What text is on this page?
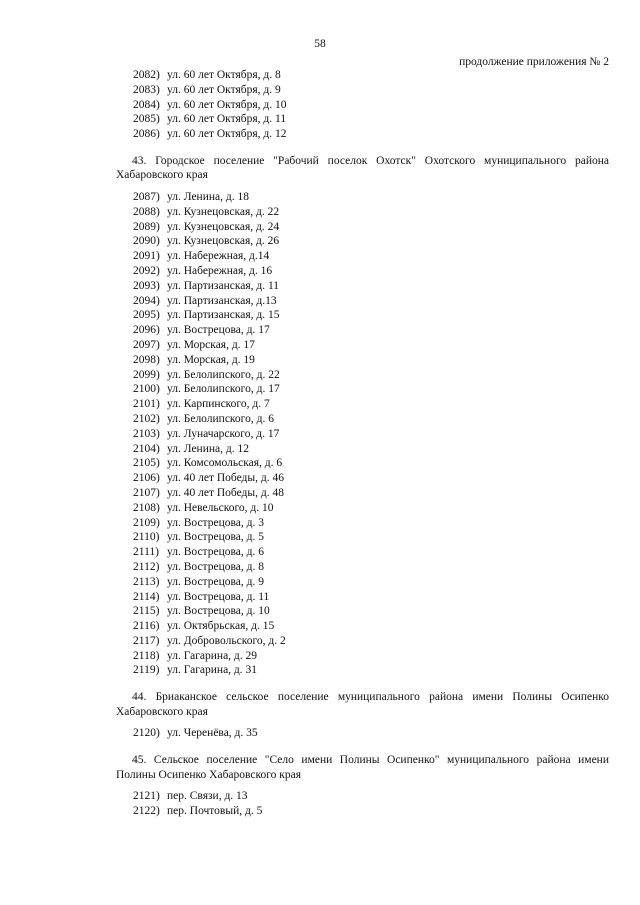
58
продолжение приложения № 2
2082) ул. 60 лет Октября, д. 8
2083) ул. 60 лет Октября, д. 9
2084) ул. 60 лет Октября, д. 10
2085) ул. 60 лет Октября, д. 11
2086) ул. 60 лет Октября, д. 12
43. Городское поселение "Рабочий поселок Охотск" Охотского муниципального района Хабаровского края
2087) ул. Ленина, д. 18
2088) ул. Кузнецовская, д. 22
2089) ул. Кузнецовская, д. 24
2090) ул. Кузнецовская, д. 26
2091) ул. Набережная, д.14
2092) ул. Набережная, д. 16
2093) ул. Партизанская, д. 11
2094) ул. Партизанская, д.13
2095) ул. Партизанская, д. 15
2096) ул. Вострецова, д. 17
2097) ул. Морская, д. 17
2098) ул. Морская, д. 19
2099) ул. Белолипского, д. 22
2100) ул. Белолипского, д. 17
2101) ул. Карпинского, д. 7
2102) ул. Белолипского, д. 6
2103) ул. Луначарского, д. 17
2104) ул. Ленина, д. 12
2105) ул. Комсомольская, д. 6
2106) ул. 40 лет Победы, д. 46
2107) ул. 40 лет Победы, д. 48
2108) ул. Невельского, д. 10
2109) ул. Вострецова, д. 3
2110) ул. Вострецова, д. 5
2111) ул. Вострецова, д. 6
2112) ул. Вострецова, д. 8
2113) ул. Вострецова, д. 9
2114) ул. Вострецова, д. 11
2115) ул. Вострецова, д. 10
2116) ул. Октябрьская, д. 15
2117) ул. Добровольского, д. 2
2118) ул. Гагарина, д. 29
2119) ул. Гагарина, д. 31
44. Бриаканское сельское поселение муниципального района имени Полины Осипенко Хабаровского края
2120) ул. Черенёва, д. 35
45. Сельское поселение "Село имени Полины Осипенко" муниципального района имени Полины Осипенко Хабаровского края
2121) пер. Связи, д. 13
2122) пер. Почтовый, д. 5
